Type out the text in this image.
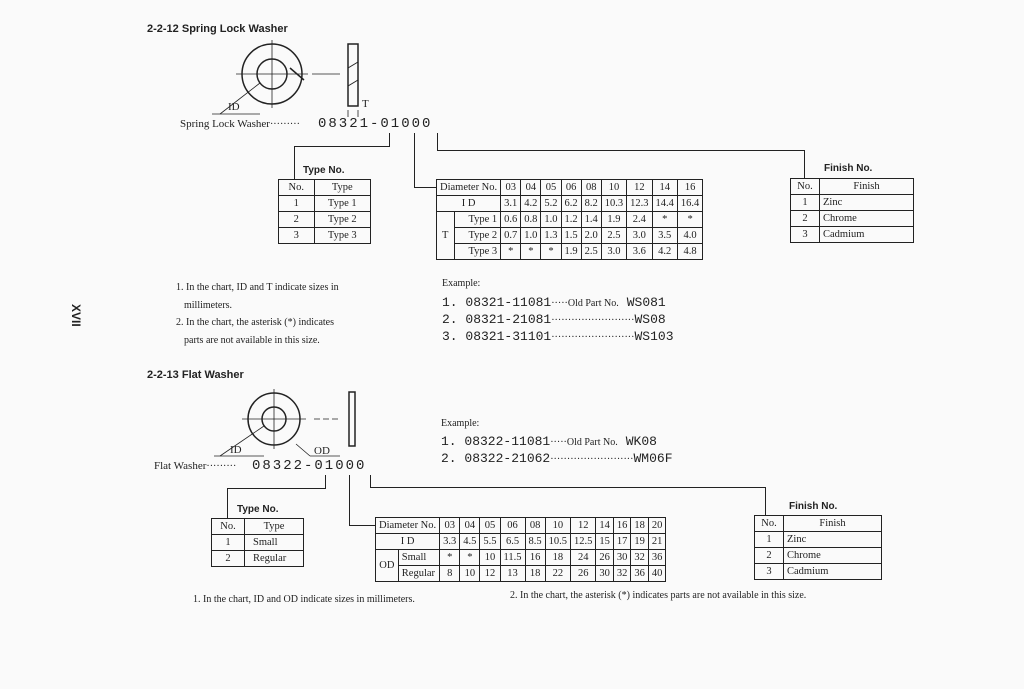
XVII
2-2-12 Spring Lock Washer
ID	T
Spring Lock Washer········· 08321-01000
Type No.
No.	Type
1	Type 1
2	Type 2
3	Type 3
Diameter No.		03	04	05	06	08	10	12	14	16
I D		3.1	4.2	5.2	6.2	8.2	10.3	12.3	14.4	16.4
T	Type 1	0.6	0.8	1.0	1.2	1.4	1.9	2.4	*	*
	Type 2	0.7	1.0	1.3	1.5	2.0	2.5	3.0	3.5	4.0
	Type 3	*	*	*	1.9	2.5	3.0	3.6	4.2	4.8
Finish No.
No.	Finish
1	Zinc
2	Chrome
3	Cadmium
1. In the chart, ID and T indicate sizes in
millimeters.
2. In the chart, the asterisk (*) indicates
parts are not available in this size.
Example:
1. 08321-11081·····Old Part No. WS081
2. 08321-21081·························WS08
3. 08321-31101·························WS103
2-2-13 Flat Washer
ID	OD
Flat Washer········· 08322-01000
Example:
1. 08322-11081·····Old Part No. WK08
2. 08322-21062·························WM06F
Type No.
No.	Type
1	Small
2	Regular
Diameter No.		03	04	05	06	08	10	12	14	16	18	20
I D		3.3	4.5	5.5	6.5	8.5	10.5	12.5	15	17	19	21
OD	Small	*	*	10	11.5	16	18	24	26	30	32	36
	Regular	8	10	12	13	18	22	26	30	32	36	40
Finish No.
No.	Finish
1	Zinc
2	Chrome
3	Cadmium
1. In the chart, ID and OD indicate sizes in millimeters.	2. In the chart, the asterisk (*) indicates parts are not available in this size.
